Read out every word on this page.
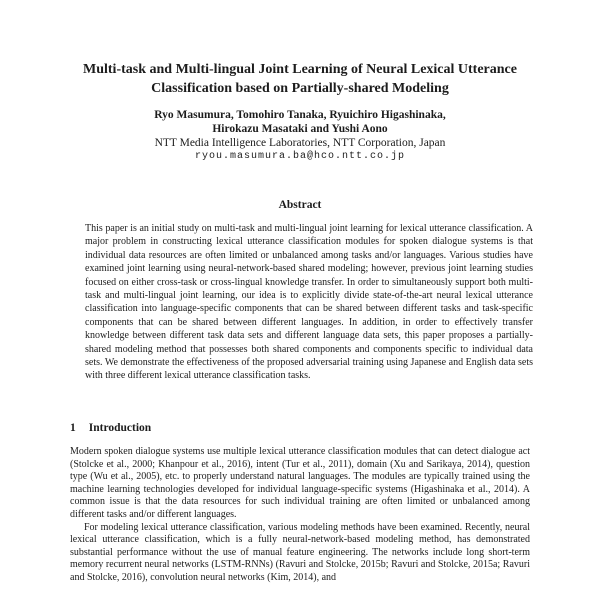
Multi-task and Multi-lingual Joint Learning of Neural Lexical Utterance
Classification based on Partially-shared Modeling
Ryo Masumura, Tomohiro Tanaka, Ryuichiro Higashinaka,
Hirokazu Masataki and Yushi Aono
NTT Media Intelligence Laboratories, NTT Corporation, Japan
ryou.masumura.ba@hco.ntt.co.jp
Abstract
This paper is an initial study on multi-task and multi-lingual joint learning for lexical utterance classification. A major problem in constructing lexical utterance classification modules for spoken dialogue systems is that individual data resources are often limited or unbalanced among tasks and/or languages. Various studies have examined joint learning using neural-network-based shared modeling; however, previous joint learning studies focused on either cross-task or cross-lingual knowledge transfer. In order to simultaneously support both multi-task and multi-lingual joint learning, our idea is to explicitly divide state-of-the-art neural lexical utterance classification into language-specific components that can be shared between different tasks and task-specific components that can be shared between different languages. In addition, in order to effectively transfer knowledge between different task data sets and different language data sets, this paper proposes a partially-shared modeling method that possesses both shared components and components specific to individual data sets. We demonstrate the effectiveness of the proposed adversarial training using Japanese and English data sets with three different lexical utterance classification tasks.
1 Introduction

Modern spoken dialogue systems use multiple lexical utterance classification modules that can detect dialogue act (Stolcke et al., 2000; Khanpour et al., 2016), intent (Tur et al., 2011), domain (Xu and Sarikaya, 2014), question type (Wu et al., 2005), etc. to properly understand natural languages. The modules are typically trained using the machine learning technologies developed for individual language-specific systems (Higashinaka et al., 2014). A common issue is that the data resources for such individual training are often limited or unbalanced among different tasks and/or different languages.

For modeling lexical utterance classification, various modeling methods have been examined. Recently, neural lexical utterance classification, which is a fully neural-network-based modeling method, has demonstrated substantial performance without the use of manual feature engineering. The networks include long short-term memory recurrent neural networks (LSTM-RNNs) (Ravuri and Stolcke, 2015b; Ravuri and Stolcke, 2015a; Ravuri and Stolcke, 2016), convolution neural networks (Kim, 2014), and
